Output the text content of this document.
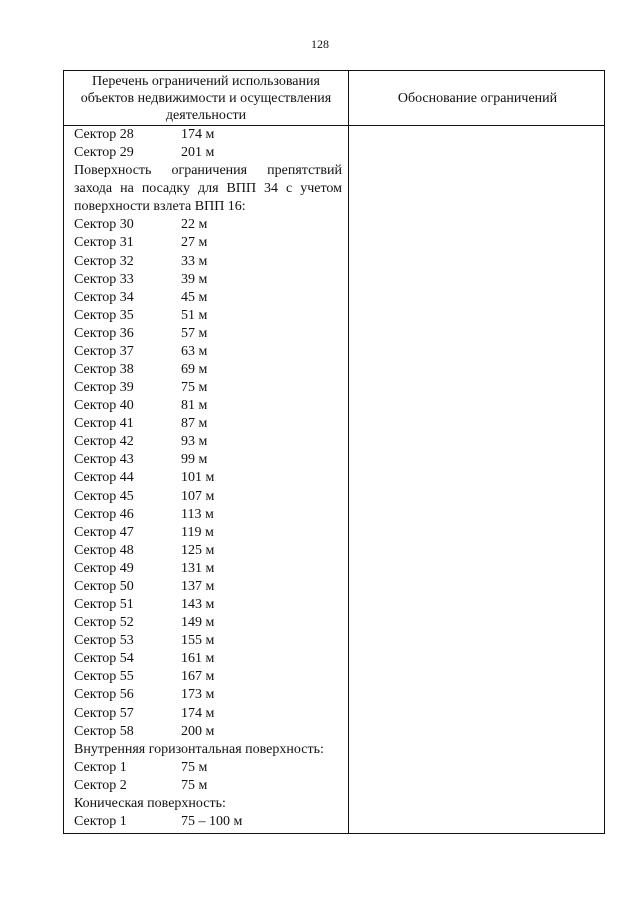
128
Перечень ограничений использования
объектов недвижимости и осуществления
деятельности
Обоснование ограничений
Сектор 28	174 м
Сектор 29	201 м
Поверхность ограничения препятствий
захода на посадку для ВПП 34 с учетом
поверхности взлета ВПП 16:
Сектор 30	22 м
Сектор 31	27 м
Сектор 32	33 м
Сектор 33	39 м
Сектор 34	45 м
Сектор 35	51 м
Сектор 36	57 м
Сектор 37	63 м
Сектор 38	69 м
Сектор 39	75 м
Сектор 40	81 м
Сектор 41	87 м
Сектор 42	93 м
Сектор 43	99 м
Сектор 44	101 м
Сектор 45	107 м
Сектор 46	113 м
Сектор 47	119 м
Сектор 48	125 м
Сектор 49	131 м
Сектор 50	137 м
Сектор 51	143 м
Сектор 52	149 м
Сектор 53	155 м
Сектор 54	161 м
Сектор 55	167 м
Сектор 56	173 м
Сектор 57	174 м
Сектор 58	200 м
Внутренняя горизонтальная поверхность:
Сектор 1	75 м
Сектор 2	75 м
Коническая поверхность:
Сектор 1	75 – 100 м
